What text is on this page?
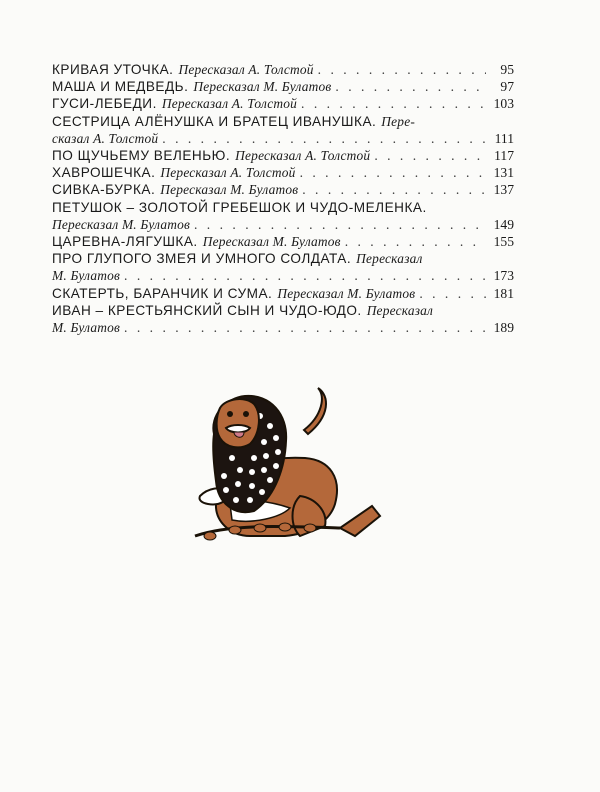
КРИВАЯ УТОЧКА. Пересказал А. Толстой . . .	95
МАША И МЕДВЕДЬ. Пересказал М. Булатов . . .	97
ГУСИ-ЛЕБЕДИ. Пересказал А. Толстой . . .	103
СЕСТРИЦА АЛЁНУШКА И БРАТЕЦ ИВАНУШКА. Пере-
сказал А. Толстой . . .	111
ПО ЩУЧЬЕМУ ВЕЛЕНЬЮ. Пересказал А. Толстой . . .	117
ХАВРОШЕЧКА. Пересказал А. Толстой . . .	131
СИВКА-БУРКА. Пересказал М. Булатов . . .	137
ПЕТУШОК – ЗОЛОТОЙ ГРЕБЕШОК И ЧУДО-МЕЛЕНКА.
Пересказал М. Булатов . . .	149
ЦАРЕВНА-ЛЯГУШКА. Пересказал М. Булатов . . .	155
ПРО ГЛУПОГО ЗМЕЯ И УМНОГО СОЛДАТА. Пересказал
М. Булатов . . .	173
СКАТЕРТЬ, БАРАНЧИК И СУМА. Пересказал М. Булатов . . .	181
ИВАН – КРЕСТЬЯНСКИЙ СЫН И ЧУДО-ЮДО. Пересказал
М. Булатов . . .	189
